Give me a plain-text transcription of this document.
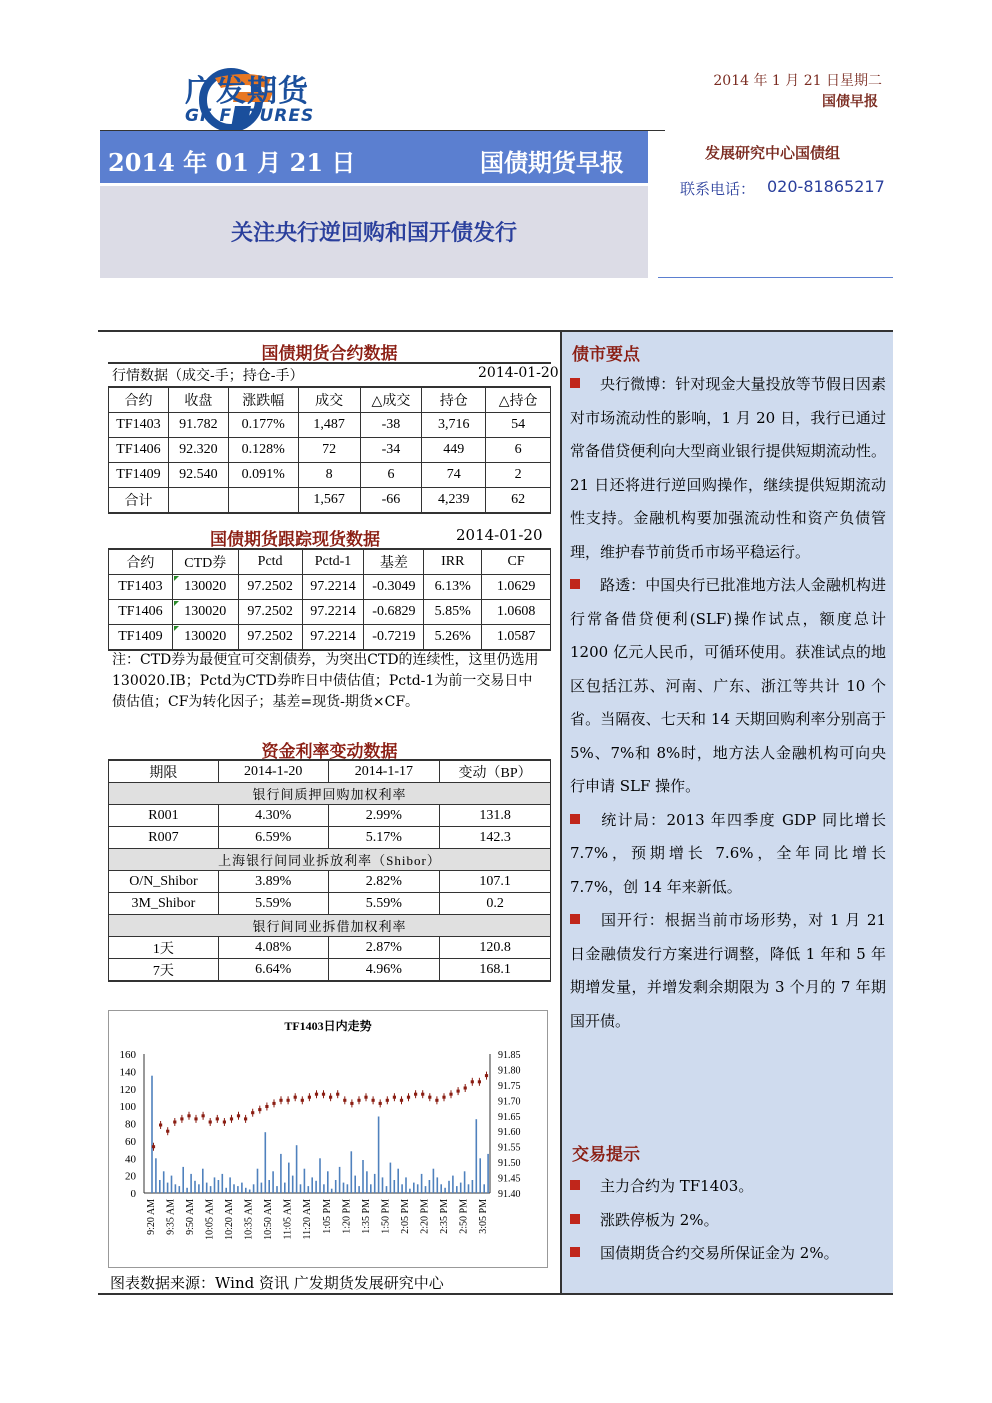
广发期货
GF FUTURES
2014 年 1 月 21 日星期二
国债早报
2014 年 01 月 21 日	国债期货早报
关注央行逆回购和国开债发行
发展研究中心国债组
联系电话： 020-81865217
国债期货合约数据
行情数据（成交-手；持仓-手）	2014-01-20
合约	收盘	涨跌幅	成交	△成交	持仓	△持仓
TF1403	91.782	0.177%	1,487	-38	3,716	54
TF1406	92.320	0.128%	72	-34	449	6
TF1409	92.540	0.091%	8	6	74	2
合计			1,567	-66	4,239	62
国债期货跟踪现货数据	2014-01-20
合约	CTD券	Pctd	Pctd-1	基差	IRR	CF
TF1403	130020	97.2502	97.2214	-0.3049	6.13%	1.0629
TF1406	130020	97.2502	97.2214	-0.6829	5.85%	1.0608
TF1409	130020	97.2502	97.2214	-0.7219	5.26%	1.0587
注：CTD券为最便宜可交割债券，为突出CTD的连续性，这里仍选用130020.IB；Pctd为CTD券昨日中债估值；Pctd-1为前一交易日中债估值；CF为转化因子；基差=现货-期货×CF。
资金利率变动数据
期限	2014-1-20	2014-1-17	变动（BP）
银行间质押回购加权利率			
R001	4.30%	2.99%	131.8
R007	6.59%	5.17%	142.3
上海银行间同业拆放利率（Shibor）			
O/N_Shibor	3.89%	2.82%	107.1
3M_Shibor	5.59%	5.59%	0.2
银行间同业拆借加权利率			
1天	4.08%	2.87%	120.8
7天	6.64%	4.96%	168.1
TF1403日内走势
160
140
120
100
80
60
40
20
0
91.85
91.80
91.75
91.70
91.65
91.60
91.55
91.50
91.45
91.40
9:20 AM 9:35 AM 9:50 AM 10:05 AM 10:20 AM 10:35 AM 10:50 AM 11:05 AM 11:20 AM 1:05 PM 1:20 PM 1:35 PM 1:50 PM 2:05 PM 2:20 PM 2:35 PM 2:50 PM 3:05 PM
图表数据来源：Wind 资讯 广发期货发展研究中心
债市要点

央行微博：针对现金大量投放等节假日因素对市场流动性的影响，1 月 20 日，我行已通过常备借贷便利向大型商业银行提供短期流动性。21 日还将进行逆回购操作，继续提供短期流动性支持。金融机构要加强流动性和资产负债管理，维护春节前货币市场平稳运行。

路透：中国央行已批准地方法人金融机构进行常备借贷便利(SLF)操作试点，额度总计 1200 亿元人民币，可循环使用。获准试点的地区包括江苏、河南、广东、浙江等共计 10 个省。当隔夜、七天和 14 天期回购利率分别高于 5%、7%和 8%时，地方法人金融机构可向央行申请 SLF 操作。

统计局：2013 年四季度 GDP 同比增长 7.7%，预期增长 7.6%，全年同比增长 7.7%，创 14 年来新低。

国开行：根据当前市场形势，对 1 月 21 日金融债发行方案进行调整，降低 1 年和 5 年期增发量，并增发剩余期限为 3 个月的 7 年期国开债。

交易提示

主力合约为 TF1403。

涨跌停板为 2%。

国债期货合约交易所保证金为 2%。
